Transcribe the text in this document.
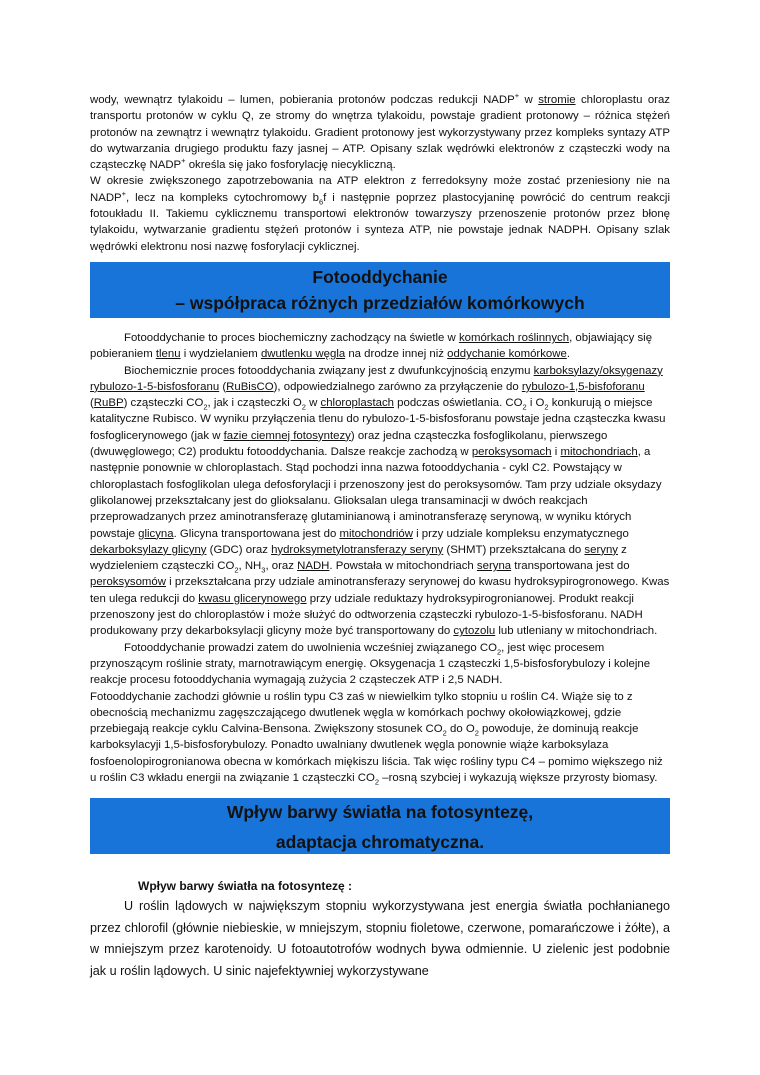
wody, wewnątrz tylakoidu – lumen, pobierania protonów podczas redukcji NADP+ w stromie chloroplastu oraz transportu protonów w cyklu Q, ze stromy do wnętrza tylakoidu, powstaje gradient protonowy – różnica stężeń protonów na zewnątrz i wewnątrz tylakoidu. Gradient protonowy jest wykorzystywany przez kompleks syntazy ATP do wytwarzania drugiego produktu fazy jasnej – ATP. Opisany szlak wędrówki elektronów z cząsteczki wody na cząsteczkę NADP+ określa się jako fosforylację niecykliczną.

W okresie zwiększonego zapotrzebowania na ATP elektron z ferredoksyny może zostać przeniesiony nie na NADP+, lecz na kompleks cytochromowy $b_6f$ i następnie poprzez plastocyjaninę powrócić do centrum reakcji fotoukładu II. Takiemu cyklicznemu transportowi elektronów towarzyszy przenoszenie protonów przez błonę tylakoidu, wytwarzanie gradientu stężeń protonów i synteza ATP, nie powstaje jednak NADPH. Opisany szlak wędrówki elektronu nosi nazwę fosforylacji cyklicznej.

Fotooddychanie
– współpraca różnych przedziałów komórkowych

Fotooddychanie to proces biochemiczny zachodzący na świetle w komórkach roślinnych, objawiający się pobieraniem tlenu i wydzielaniem dwutlenku węgla na drodze innej niż oddychanie komórkowe.

Biochemicznie proces fotooddychania związany jest z dwufunkcyjnością enzymu karboksylazy/oksygenazy rybulozo-1-5-bisfosforanu (RuBisCO), odpowiedzialnego zarówno za przyłączenie do rybulozo-1,5-bisfoforanu (RuBP) cząsteczki $CO_2$, jak i cząsteczki $O_2$ w chloroplastach podczas oświetlania. $CO_2$ i $O_2$ konkurują o miejsce katalityczne Rubisco. W wyniku przyłączenia tlenu do rybulozo-1-5-bisfosforanu powstaje jedna cząsteczka kwasu fosfoglicerynowego (jak w fazie ciemnej fotosyntezy) oraz jedna cząsteczka fosfoglikolanu, pierwszego (dwuwęglowego; C2) produktu fotooddychania. Dalsze reakcje zachodzą w peroksysomach i mitochondriach, a następnie ponownie w chloroplastach. Stąd pochodzi inna nazwa fotooddychania - cykl C2. Powstający w chloroplastach fosfoglikolan ulega defosforylacji i przenoszony jest do peroksysomów. Tam przy udziale oksydazy glikolanowej przekształcany jest do glioksalanu. Glioksalan ulega transaminacji w dwóch reakcjach przeprowadzanych przez aminotransferazę glutaminianową i aminotransferazę serynową, w wyniku których powstaje glicyna. Glicyna transportowana jest do mitochondriów i przy udziale kompleksu enzymatycznego dekarboksylazy glicyny (GDC) oraz hydroksymetylotransferazy seryny (SHMT) przekształcana do seryny z wydzieleniem cząsteczki $CO_2$, $NH_3$, oraz NADH. Powstała w mitochondriach seryna transportowana jest do peroksysomów i przekształcana przy udziale aminotransferazy serynowej do kwasu hydroksypirogronowego. Kwas ten ulega redukcji do kwasu glicerynowego przy udziale reduktazy hydroksypirogronianowej. Produkt reakcji przenoszony jest do chloroplastów i może służyć do odtworzenia cząsteczki rybulozo-1-5-bisfosforanu. NADH produkowany przy dekarboksylacji glicyny może być transportowany do cytozolu lub utleniany w mitochondriach.

Fotooddychanie prowadzi zatem do uwolnienia wcześniej związanego $CO_2$, jest więc procesem przynoszącym roślinie straty, marnotrawiącym energię. Oksygenacja 1 cząsteczki 1,5-bisfosforybulozy i kolejne reakcje procesu fotooddychania wymagają zużycia 2 cząsteczek ATP i 2,5 NADH.

Fotooddychanie zachodzi głównie u roślin typu C3 zaś w niewielkim tylko stopniu u roślin C4. Wiąże się to z obecnością mechanizmu zagęszczającego dwutlenek węgla w komórkach pochwy okołowiązkowej, gdzie przebiegają reakcje cyklu Calvina-Bensona. Zwiększony stosunek $CO_2$ do $O_2$ powoduje, że dominują reakcje karboksylacyji 1,5-bisfosforybulozy. Ponadto uwalniany dwutlenek węgla ponownie wiąże karboksylaza fosfoenolopirogronianowa obecna w komórkach miękiszu liścia. Tak więc rośliny typu C4 – pomimo większego niż u roślin C3 wkładu energii na związanie 1 cząsteczki $CO_2$ –rosną szybciej i wykazują większe przyrosty biomasy.

Wpływ barwy światła na fotosyntezę,
adaptacja chromatyczna.

Wpływ barwy światła na fotosyntezę :

U roślin lądowych w największym stopniu wykorzystywana jest energia światła pochłanianego przez chlorofil (głównie niebieskie, w mniejszym, stopniu fioletowe, czerwone, pomarańczowe i żółte), a w mniejszym przez karotenoidy. U fotoautotrofów wodnych bywa odmiennie. U zielenic jest podobnie jak u roślin lądowych. U sinic najefektywniej wykorzystywane
